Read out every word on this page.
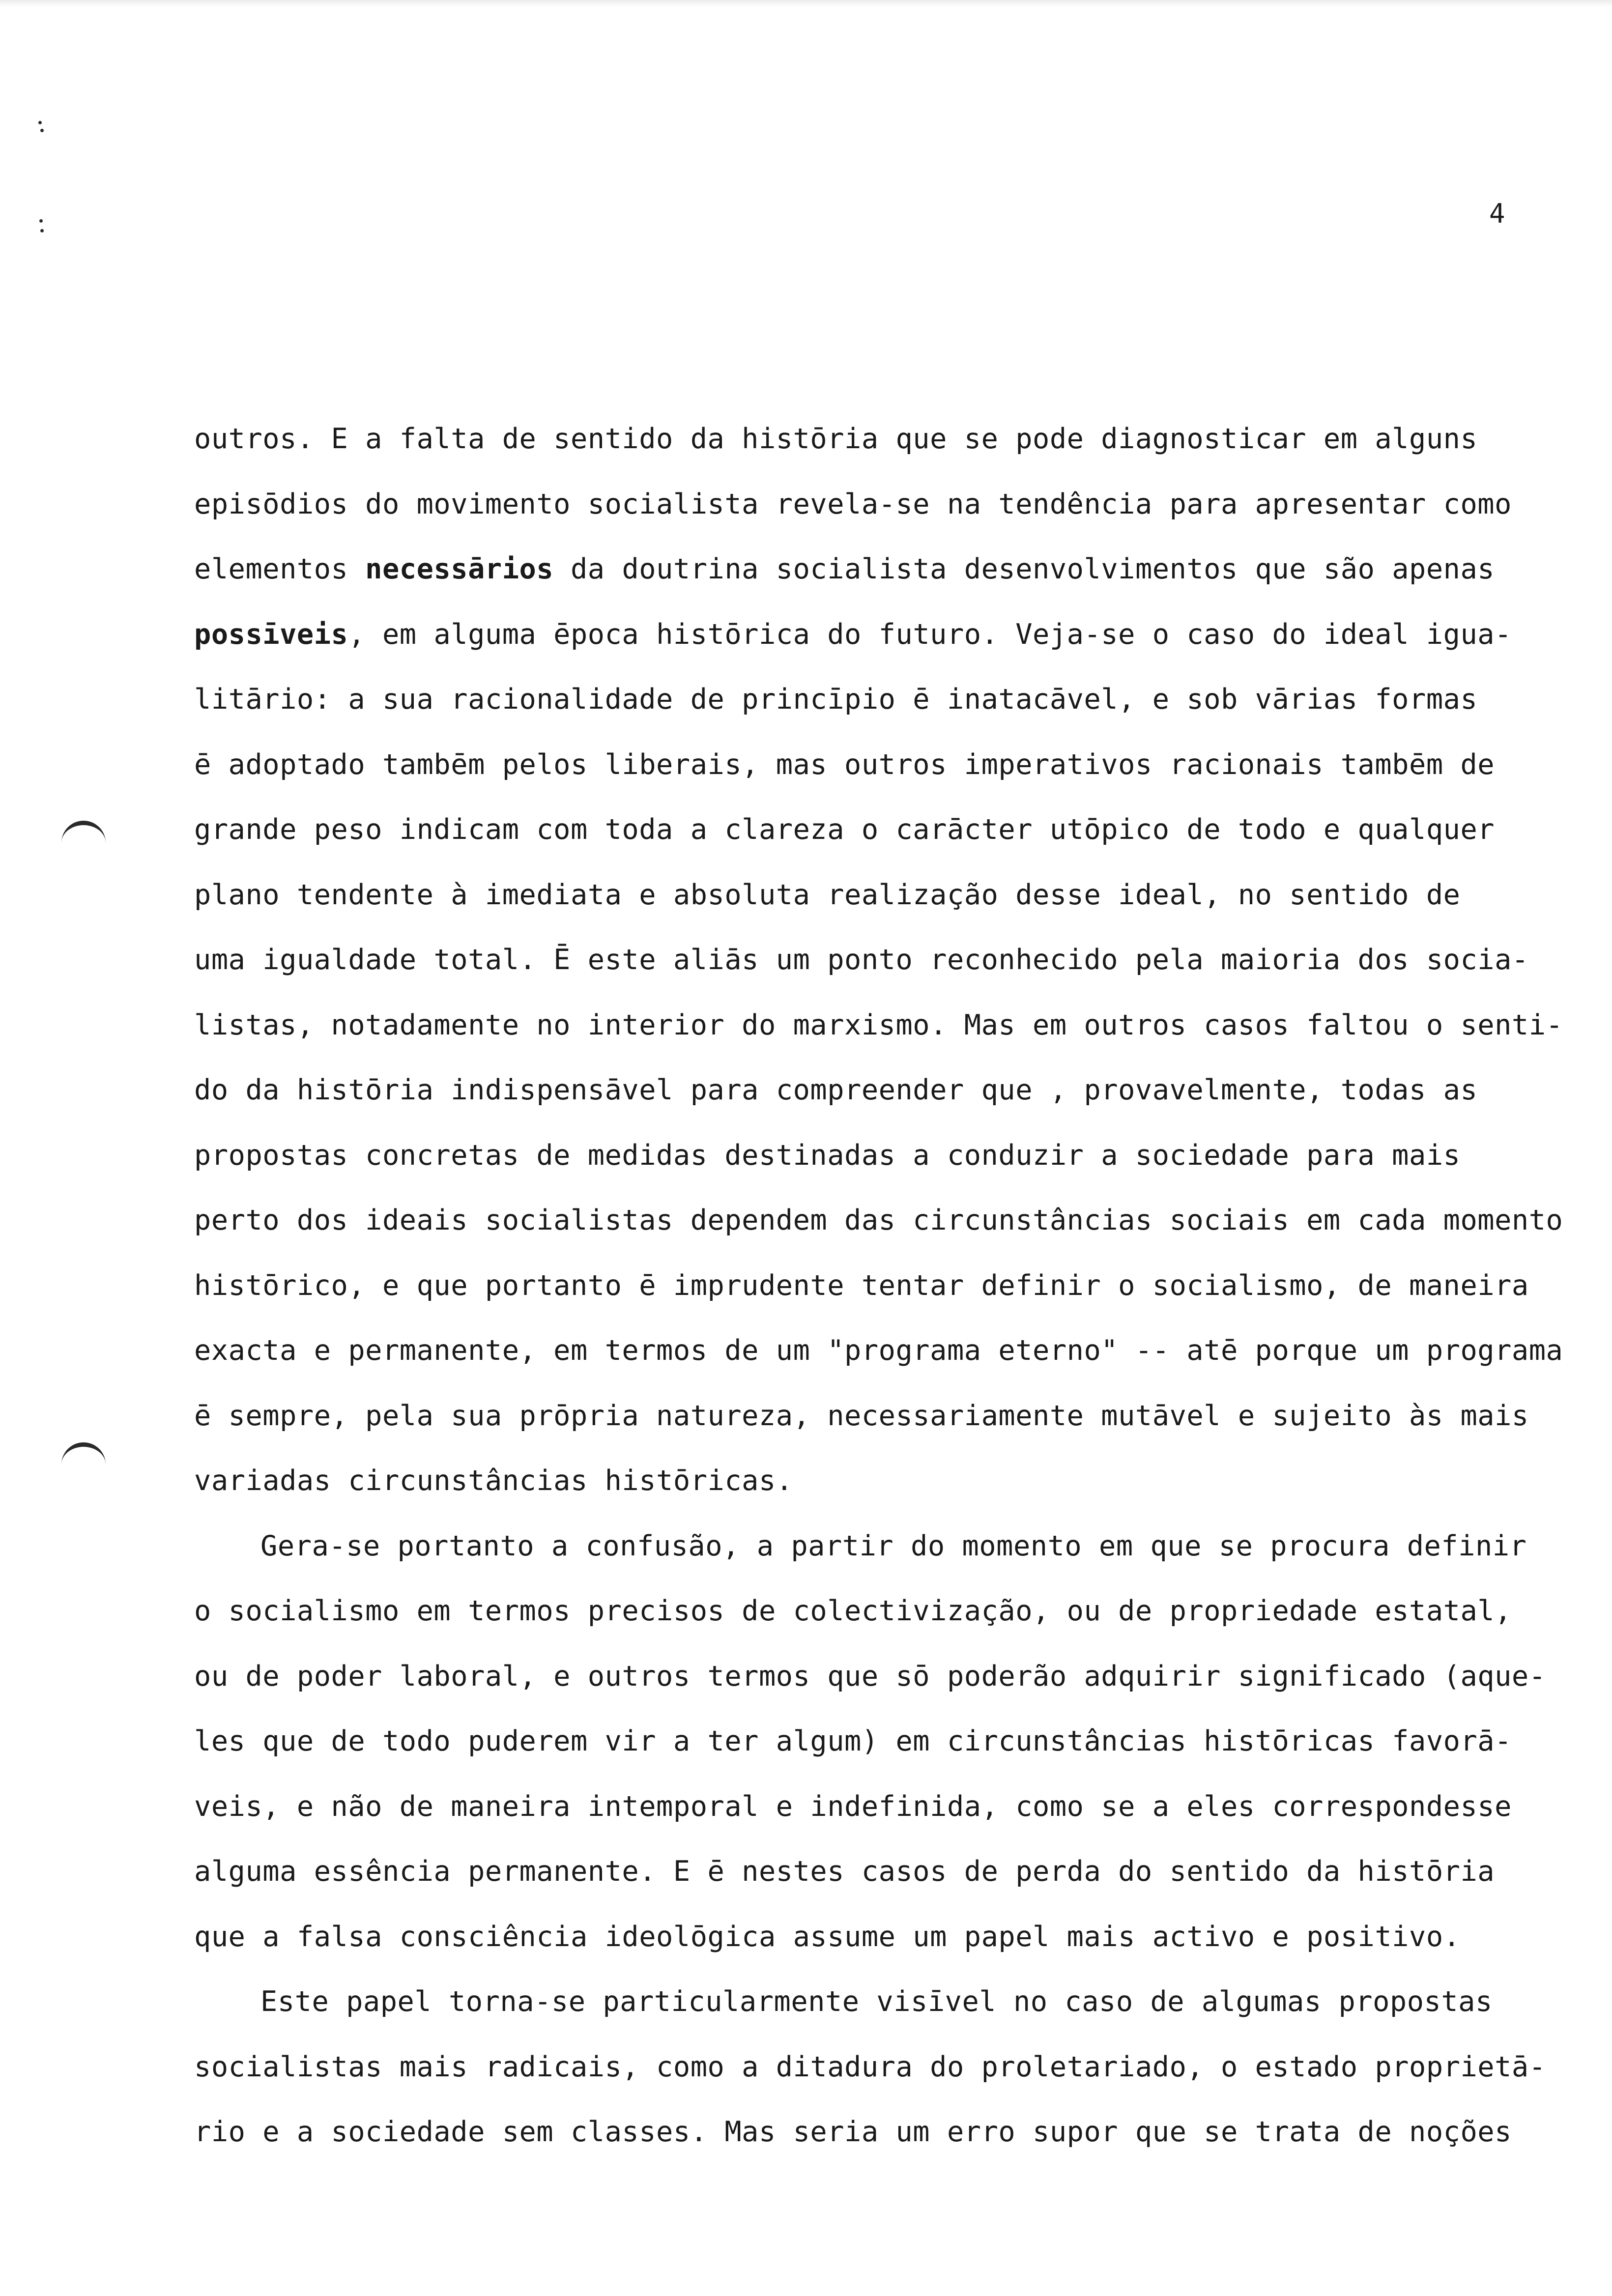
4
outros. E a falta de sentido da histōria que se pode diagnosticar em alguns
episōdios do movimento socialista revela-se na tendência para apresentar como
elementos necessārios da doutrina socialista desenvolvimentos que são apenas
possīveis, em alguma ēpoca histōrica do futuro. Veja-se o caso do ideal igua-
litārio: a sua racionalidade de princīpio ē inatacāvel, e sob vārias formas
ē adoptado tambēm pelos liberais, mas outros imperativos racionais tambēm de
grande peso indicam com toda a clareza o carācter utōpico de todo e qualquer
plano tendente à imediata e absoluta realização desse ideal, no sentido de
uma igualdade total. Ē este aliās um ponto reconhecido pela maioria dos socia-
listas, notadamente no interior do marxismo. Mas em outros casos faltou o senti-
do da histōria indispensāvel para compreender que , provavelmente, todas as
propostas concretas de medidas destinadas a conduzir a sociedade para mais
perto dos ideais socialistas dependem das circunstâncias sociais em cada momento
histōrico, e que portanto ē imprudente tentar definir o socialismo, de maneira
exacta e permanente, em termos de um "programa eterno" -- atē porque um programa
ē sempre, pela sua prōpria natureza, necessariamente mutāvel e sujeito às mais
variadas circunstâncias histōricas.
Gera-se portanto a confusão, a partir do momento em que se procura definir
o socialismo em termos precisos de colectivização, ou de propriedade estatal,
ou de poder laboral, e outros termos que sō poderão adquirir significado (aque-
les que de todo puderem vir a ter algum) em circunstâncias histōricas favorā-
veis, e não de maneira intemporal e indefinida, como se a eles correspondesse
alguma essência permanente. E ē nestes casos de perda do sentido da histōria
que a falsa consciência ideolōgica assume um papel mais activo e positivo.
Este papel torna-se particularmente visīvel no caso de algumas propostas
socialistas mais radicais, como a ditadura do proletariado, o estado proprietā-
rio e a sociedade sem classes. Mas seria um erro supor que se trata de noções
